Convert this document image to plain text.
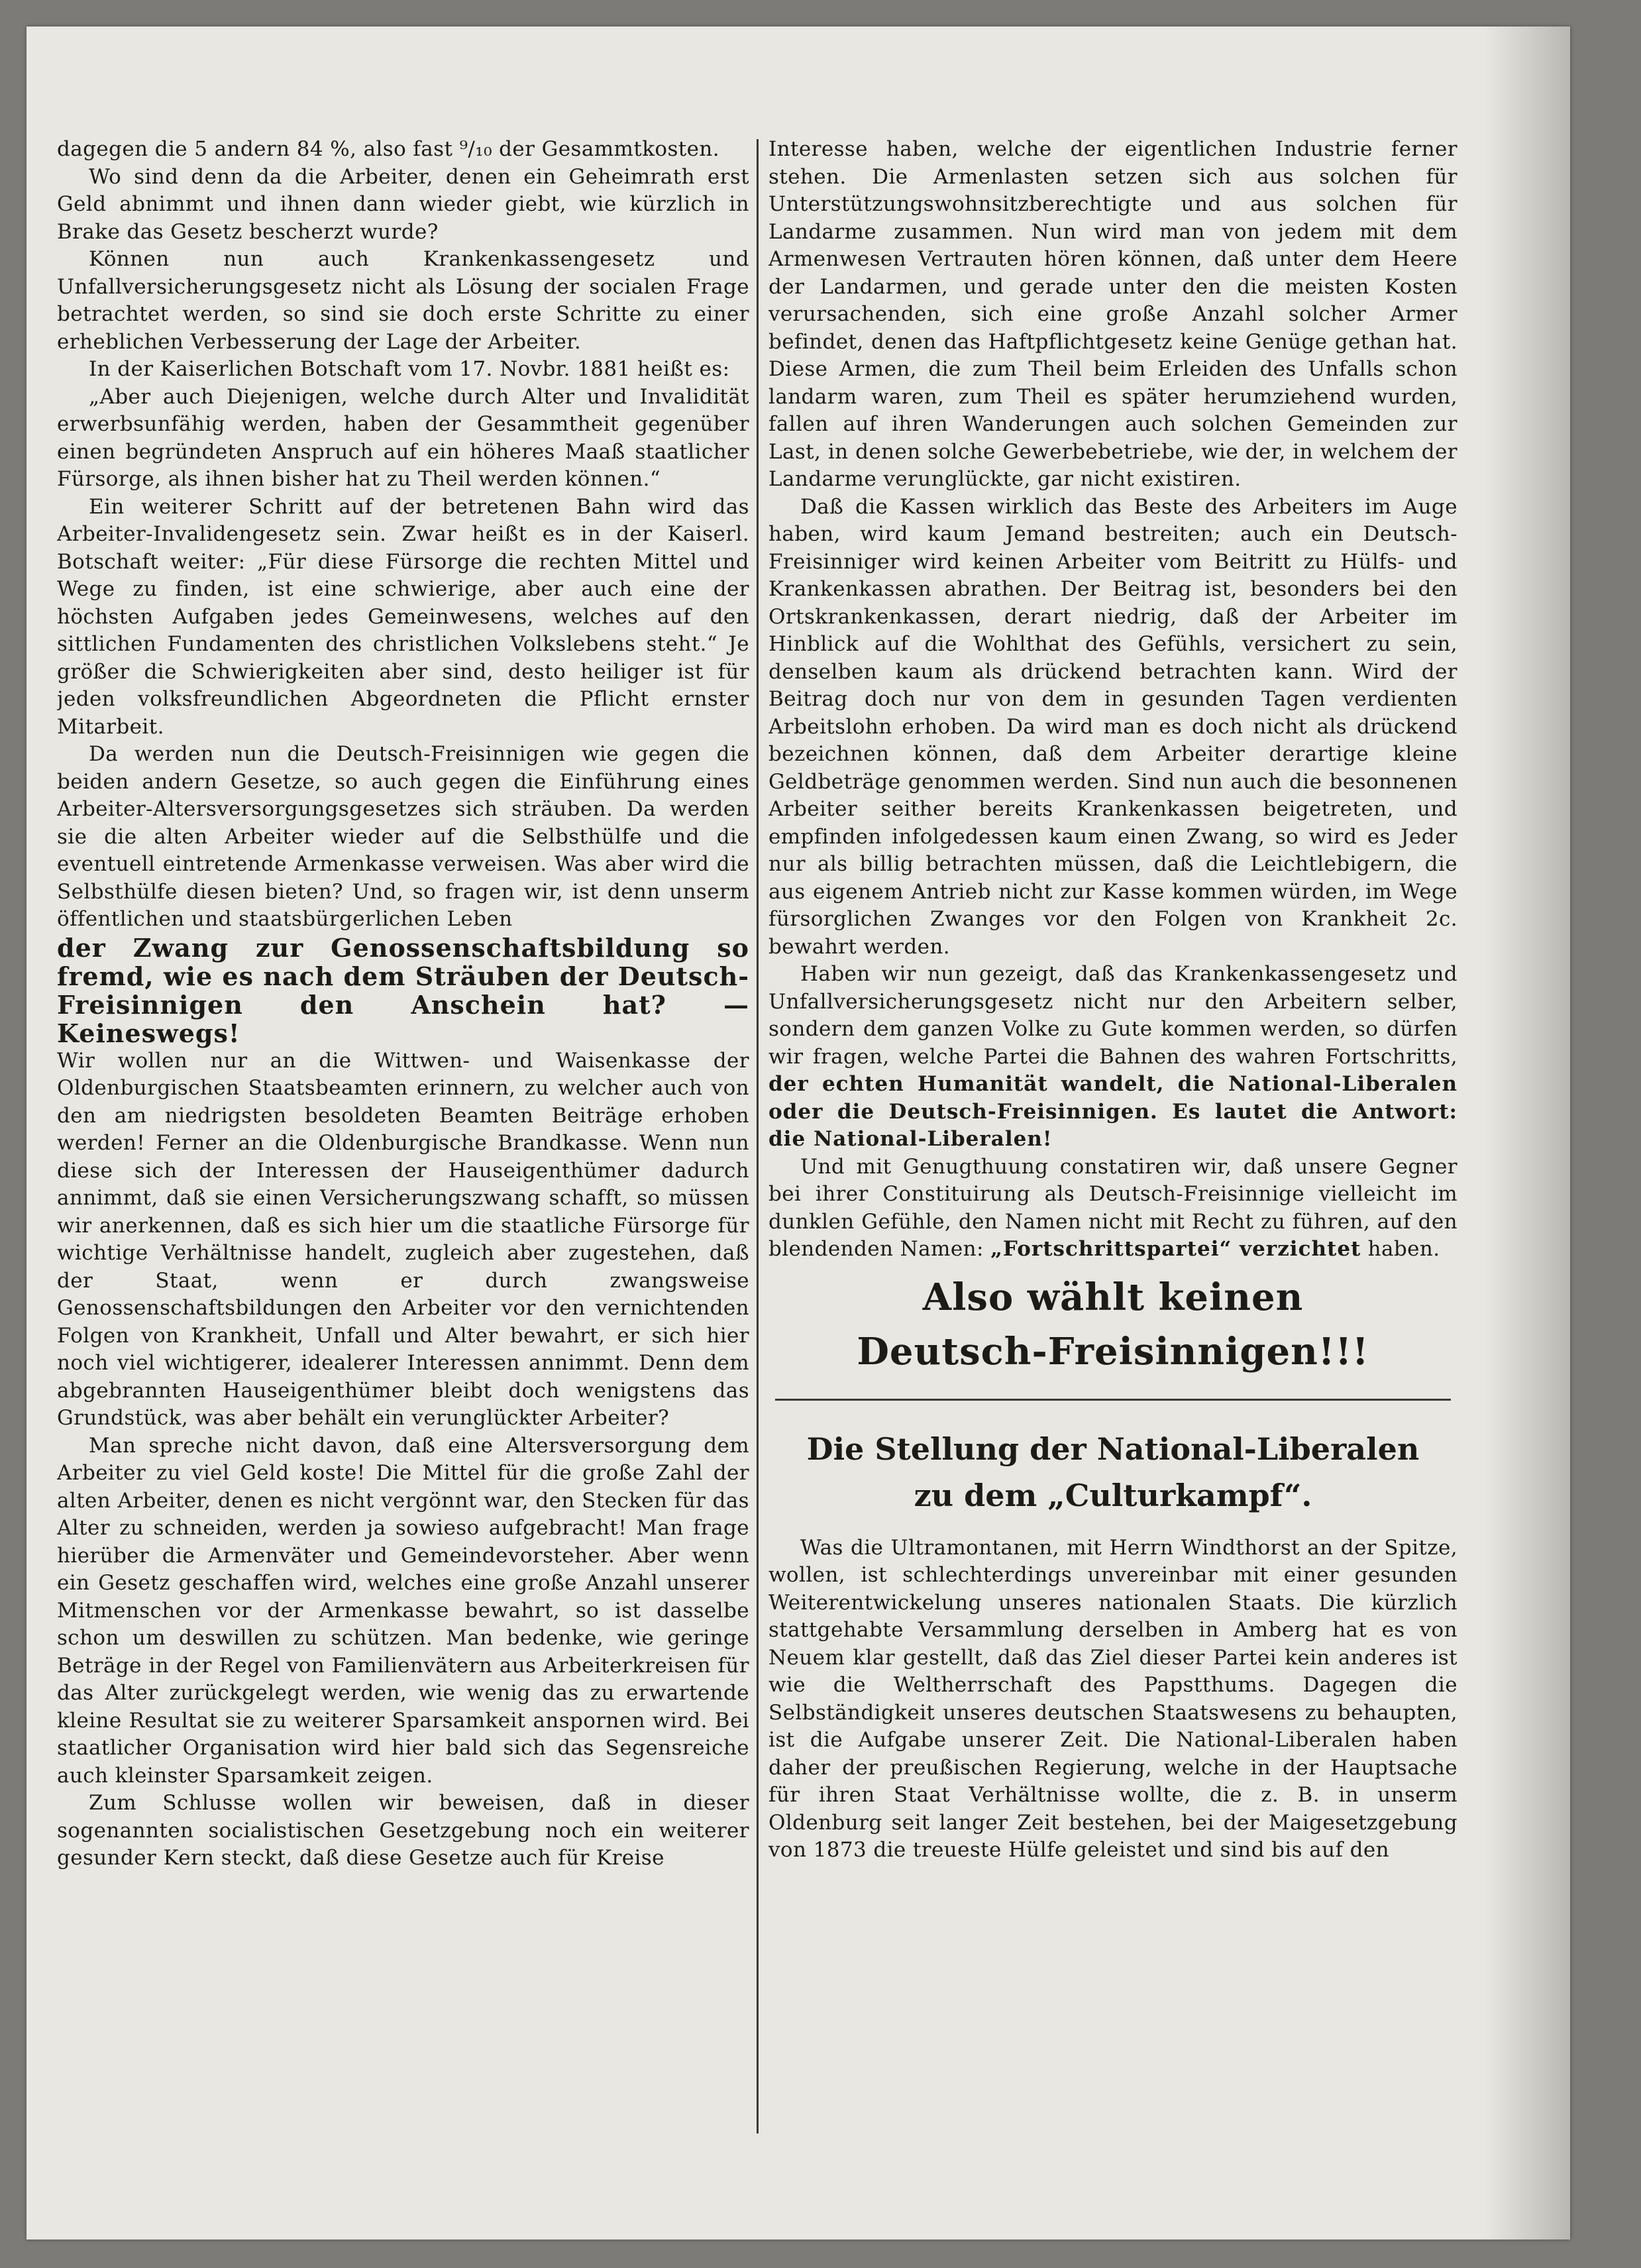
dagegen die 5 andern 84 %, also fast ⁹/₁₀ der Gesammtkosten.

Wo sind denn da die Arbeiter, denen ein Geheimrath erst Geld abnimmt und ihnen dann wieder giebt, wie kürzlich in Brake das Gesetz bescherzt wurde?

Können nun auch Krankenkassengesetz und Unfallversicherungsgesetz nicht als Lösung der socialen Frage betrachtet werden, so sind sie doch erste Schritte zu einer erheblichen Verbesserung der Lage der Arbeiter.

In der Kaiserlichen Botschaft vom 17. Novbr. 1881 heißt es:

„Aber auch Diejenigen, welche durch Alter und Invalidität erwerbsunfähig werden, haben der Gesammtheit gegenüber einen begründeten Anspruch auf ein höheres Maaß staatlicher Fürsorge, als ihnen bisher hat zu Theil werden können.“

Ein weiterer Schritt auf der betretenen Bahn wird das Arbeiter-Invalidengesetz sein. Zwar heißt es in der Kaiserl. Botschaft weiter: „Für diese Fürsorge die rechten Mittel und Wege zu finden, ist eine schwierige, aber auch eine der höchsten Aufgaben jedes Gemeinwesens, welches auf den sittlichen Fundamenten des christlichen Volkslebens steht.“ Je größer die Schwierigkeiten aber sind, desto heiliger ist für jeden volksfreundlichen Abgeordneten die Pflicht ernster Mitarbeit.

Da werden nun die Deutsch-Freisinnigen wie gegen die beiden andern Gesetze, so auch gegen die Einführung eines Arbeiter-Altersversorgungsgesetzes sich sträuben. Da werden sie die alten Arbeiter wieder auf die Selbsthülfe und die eventuell eintretende Armenkasse verweisen. Was aber wird die Selbsthülfe diesen bieten? Und, so fragen wir, ist denn unserm öffentlichen und staatsbürgerlichen Leben

der Zwang zur Genossenschaftsbildung so fremd, wie es nach dem Sträuben der Deutsch-Freisinnigen den Anschein hat? — Keineswegs!

Wir wollen nur an die Wittwen- und Waisenkasse der Oldenburgischen Staatsbeamten erinnern, zu welcher auch von den am niedrigsten besoldeten Beamten Beiträge erhoben werden! Ferner an die Oldenburgische Brandkasse. Wenn nun diese sich der Interessen der Hauseigenthümer dadurch annimmt, daß sie einen Versicherungszwang schafft, so müssen wir anerkennen, daß es sich hier um die staatliche Fürsorge für wichtige Verhältnisse handelt, zugleich aber zugestehen, daß der Staat, wenn er durch zwangsweise Genossenschaftsbildungen den Arbeiter vor den vernichtenden Folgen von Krankheit, Unfall und Alter bewahrt, er sich hier noch viel wichtigerer, idealerer Interessen annimmt. Denn dem abgebrannten Hauseigenthümer bleibt doch wenigstens das Grundstück, was aber behält ein verunglückter Arbeiter?

Man spreche nicht davon, daß eine Altersversorgung dem Arbeiter zu viel Geld koste! Die Mittel für die große Zahl der alten Arbeiter, denen es nicht vergönnt war, den Stecken für das Alter zu schneiden, werden ja sowieso aufgebracht! Man frage hierüber die Armenväter und Gemeindevorsteher. Aber wenn ein Gesetz geschaffen wird, welches eine große Anzahl unserer Mitmenschen vor der Armenkasse bewahrt, so ist dasselbe schon um deswillen zu schützen. Man bedenke, wie geringe Beträge in der Regel von Familienvätern aus Arbeiterkreisen für das Alter zurückgelegt werden, wie wenig das zu erwartende kleine Resultat sie zu weiterer Sparsamkeit anspornen wird. Bei staatlicher Organisation wird hier bald sich das Segensreiche auch kleinster Sparsamkeit zeigen.

Zum Schlusse wollen wir beweisen, daß in dieser sogenannten socialistischen Gesetzgebung noch ein weiterer gesunder Kern steckt, daß diese Gesetze auch für Kreise

Interesse haben, welche der eigentlichen Industrie ferner stehen. Die Armenlasten setzen sich aus solchen für Unterstützungswohnsitzberechtigte und aus solchen für Landarme zusammen. Nun wird man von jedem mit dem Armenwesen Vertrauten hören können, daß unter dem Heere der Landarmen, und gerade unter den die meisten Kosten verursachenden, sich eine große Anzahl solcher Armer befindet, denen das Haftpflichtgesetz keine Genüge gethan hat. Diese Armen, die zum Theil beim Erleiden des Unfalls schon landarm waren, zum Theil es später herumziehend wurden, fallen auf ihren Wanderungen auch solchen Gemeinden zur Last, in denen solche Gewerbebetriebe, wie der, in welchem der Landarme verunglückte, gar nicht existiren.

Daß die Kassen wirklich das Beste des Arbeiters im Auge haben, wird kaum Jemand bestreiten; auch ein Deutsch-Freisinniger wird keinen Arbeiter vom Beitritt zu Hülfs- und Krankenkassen abrathen. Der Beitrag ist, besonders bei den Ortskrankenkassen, derart niedrig, daß der Arbeiter im Hinblick auf die Wohlthat des Gefühls, versichert zu sein, denselben kaum als drückend betrachten kann. Wird der Beitrag doch nur von dem in gesunden Tagen verdienten Arbeitslohn erhoben. Da wird man es doch nicht als drückend bezeichnen können, daß dem Arbeiter derartige kleine Geldbeträge genommen werden. Sind nun auch die besonnenen Arbeiter seither bereits Krankenkassen beigetreten, und empfinden infolgedessen kaum einen Zwang, so wird es Jeder nur als billig betrachten müssen, daß die Leichtlebigern, die aus eigenem Antrieb nicht zur Kasse kommen würden, im Wege fürsorglichen Zwanges vor den Folgen von Krankheit 2c. bewahrt werden.

Haben wir nun gezeigt, daß das Krankenkassengesetz und Unfallversicherungsgesetz nicht nur den Arbeitern selber, sondern dem ganzen Volke zu Gute kommen werden, so dürfen wir fragen, welche Partei die Bahnen des wahren Fortschritts, der echten Humanität wandelt, die National-Liberalen oder die Deutsch-Freisinnigen. Es lautet die Antwort: die National-Liberalen!

Und mit Genugthuung constatiren wir, daß unsere Gegner bei ihrer Constituirung als Deutsch-Freisinnige vielleicht im dunklen Gefühle, den Namen nicht mit Recht zu führen, auf den blendenden Namen: „Fortschrittspartei“ verzichtet haben.

Also wählt keinen
Deutsch-Freisinnigen!!!
Die Stellung der National-Liberalen
zu dem „Culturkampf“.

Was die Ultramontanen, mit Herrn Windthorst an der Spitze, wollen, ist schlechterdings unvereinbar mit einer gesunden Weiterentwickelung unseres nationalen Staats. Die kürzlich stattgehabte Versammlung derselben in Amberg hat es von Neuem klar gestellt, daß das Ziel dieser Partei kein anderes ist wie die Weltherrschaft des Papstthums. Dagegen die Selbständigkeit unseres deutschen Staatswesens zu behaupten, ist die Aufgabe unserer Zeit. Die National-Liberalen haben daher der preußischen Regierung, welche in der Hauptsache für ihren Staat Verhältnisse wollte, die z. B. in unserm Oldenburg seit langer Zeit bestehen, bei der Maigesetzgebung von 1873 die treueste Hülfe geleistet und sind bis auf den
